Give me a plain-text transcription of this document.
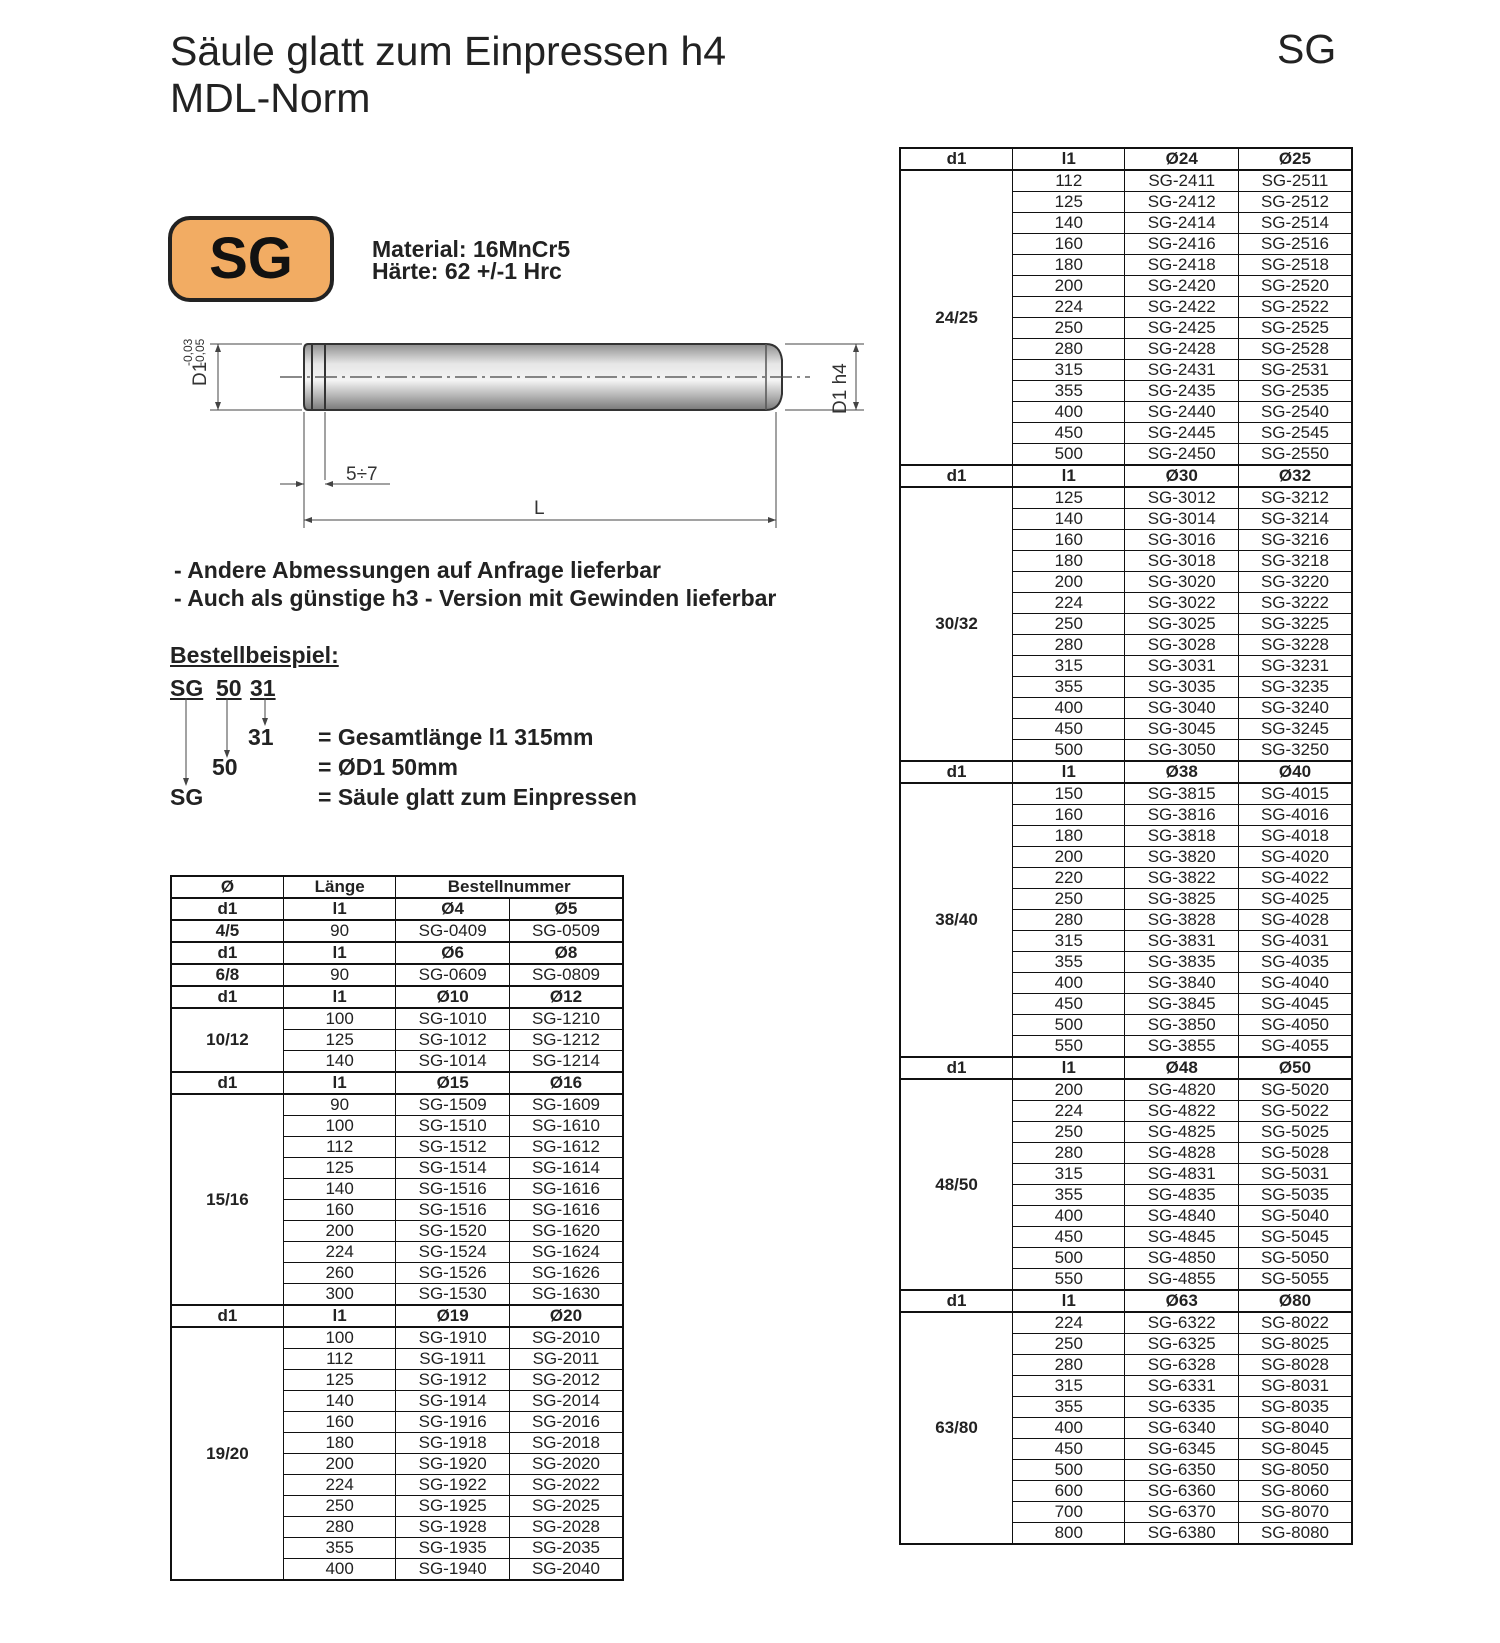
Säule glatt zum Einpressen h4
MDL-Norm
SG
SG	Material: 16MnCr5
Härte: 62 +/-1 Hrc
D1
-0,03
-0,05
D1 h4
5÷7
L
- Andere Abmessungen auf Anfrage lieferbar
- Auch als günstige h3 - Version mit Gewinden lieferbar
Bestellbeispiel:
SG 50 31
31 = Gesamtlänge l1 315mm
50	= ØD1 50mm
SG	= Säule glatt zum Einpressen
Ø	Länge	Bestellnummer	
d1	l1	Ø4	Ø5
4/5	90	SG-0409	SG-0509
d1	l1	Ø6	Ø8
6/8	90	SG-0609	SG-0809
d1	l1	Ø10	Ø12
10/12	100	SG-1010	SG-1210
	125	SG-1012	SG-1212
	140	SG-1014	SG-1214
d1	l1	Ø15	Ø16
15/16	90	SG-1509	SG-1609
	100	SG-1510	SG-1610
	112	SG-1512	SG-1612
	125	SG-1514	SG-1614
	140	SG-1516	SG-1616
	160	SG-1516	SG-1616
	200	SG-1520	SG-1620
	224	SG-1524	SG-1624
	260	SG-1526	SG-1626
	300	SG-1530	SG-1630
d1	l1	Ø19	Ø20
19/20	100	SG-1910	SG-2010
	112	SG-1911	SG-2011
	125	SG-1912	SG-2012
	140	SG-1914	SG-2014
	160	SG-1916	SG-2016
	180	SG-1918	SG-2018
	200	SG-1920	SG-2020
	224	SG-1922	SG-2022
	250	SG-1925	SG-2025
	280	SG-1928	SG-2028
	355	SG-1935	SG-2035
	400	SG-1940	SG-2040
d1	l1	Ø24	Ø25
24/25	112	SG-2411	SG-2511
	125	SG-2412	SG-2512
	140	SG-2414	SG-2514
	160	SG-2416	SG-2516
	180	SG-2418	SG-2518
	200	SG-2420	SG-2520
	224	SG-2422	SG-2522
	250	SG-2425	SG-2525
	280	SG-2428	SG-2528
	315	SG-2431	SG-2531
	355	SG-2435	SG-2535
	400	SG-2440	SG-2540
	450	SG-2445	SG-2545
	500	SG-2450	SG-2550
d1	l1	Ø30	Ø32
30/32	125	SG-3012	SG-3212
	140	SG-3014	SG-3214
	160	SG-3016	SG-3216
	180	SG-3018	SG-3218
	200	SG-3020	SG-3220
	224	SG-3022	SG-3222
	250	SG-3025	SG-3225
	280	SG-3028	SG-3228
	315	SG-3031	SG-3231
	355	SG-3035	SG-3235
	400	SG-3040	SG-3240
	450	SG-3045	SG-3245
	500	SG-3050	SG-3250
d1	l1	Ø38	Ø40
38/40	150	SG-3815	SG-4015
	160	SG-3816	SG-4016
	180	SG-3818	SG-4018
	200	SG-3820	SG-4020
	220	SG-3822	SG-4022
	250	SG-3825	SG-4025
	280	SG-3828	SG-4028
	315	SG-3831	SG-4031
	355	SG-3835	SG-4035
	400	SG-3840	SG-4040
	450	SG-3845	SG-4045
	500	SG-3850	SG-4050
	550	SG-3855	SG-4055
d1	l1	Ø48	Ø50
48/50	200	SG-4820	SG-5020
	224	SG-4822	SG-5022
	250	SG-4825	SG-5025
	280	SG-4828	SG-5028
	315	SG-4831	SG-5031
	355	SG-4835	SG-5035
	400	SG-4840	SG-5040
	450	SG-4845	SG-5045
	500	SG-4850	SG-5050
	550	SG-4855	SG-5055
d1	l1	Ø63	Ø80
63/80	224	SG-6322	SG-8022
	250	SG-6325	SG-8025
	280	SG-6328	SG-8028
	315	SG-6331	SG-8031
	355	SG-6335	SG-8035
	400	SG-6340	SG-8040
	450	SG-6345	SG-8045
	500	SG-6350	SG-8050
	600	SG-6360	SG-8060
	700	SG-6370	SG-8070
	800	SG-6380	SG-8080
